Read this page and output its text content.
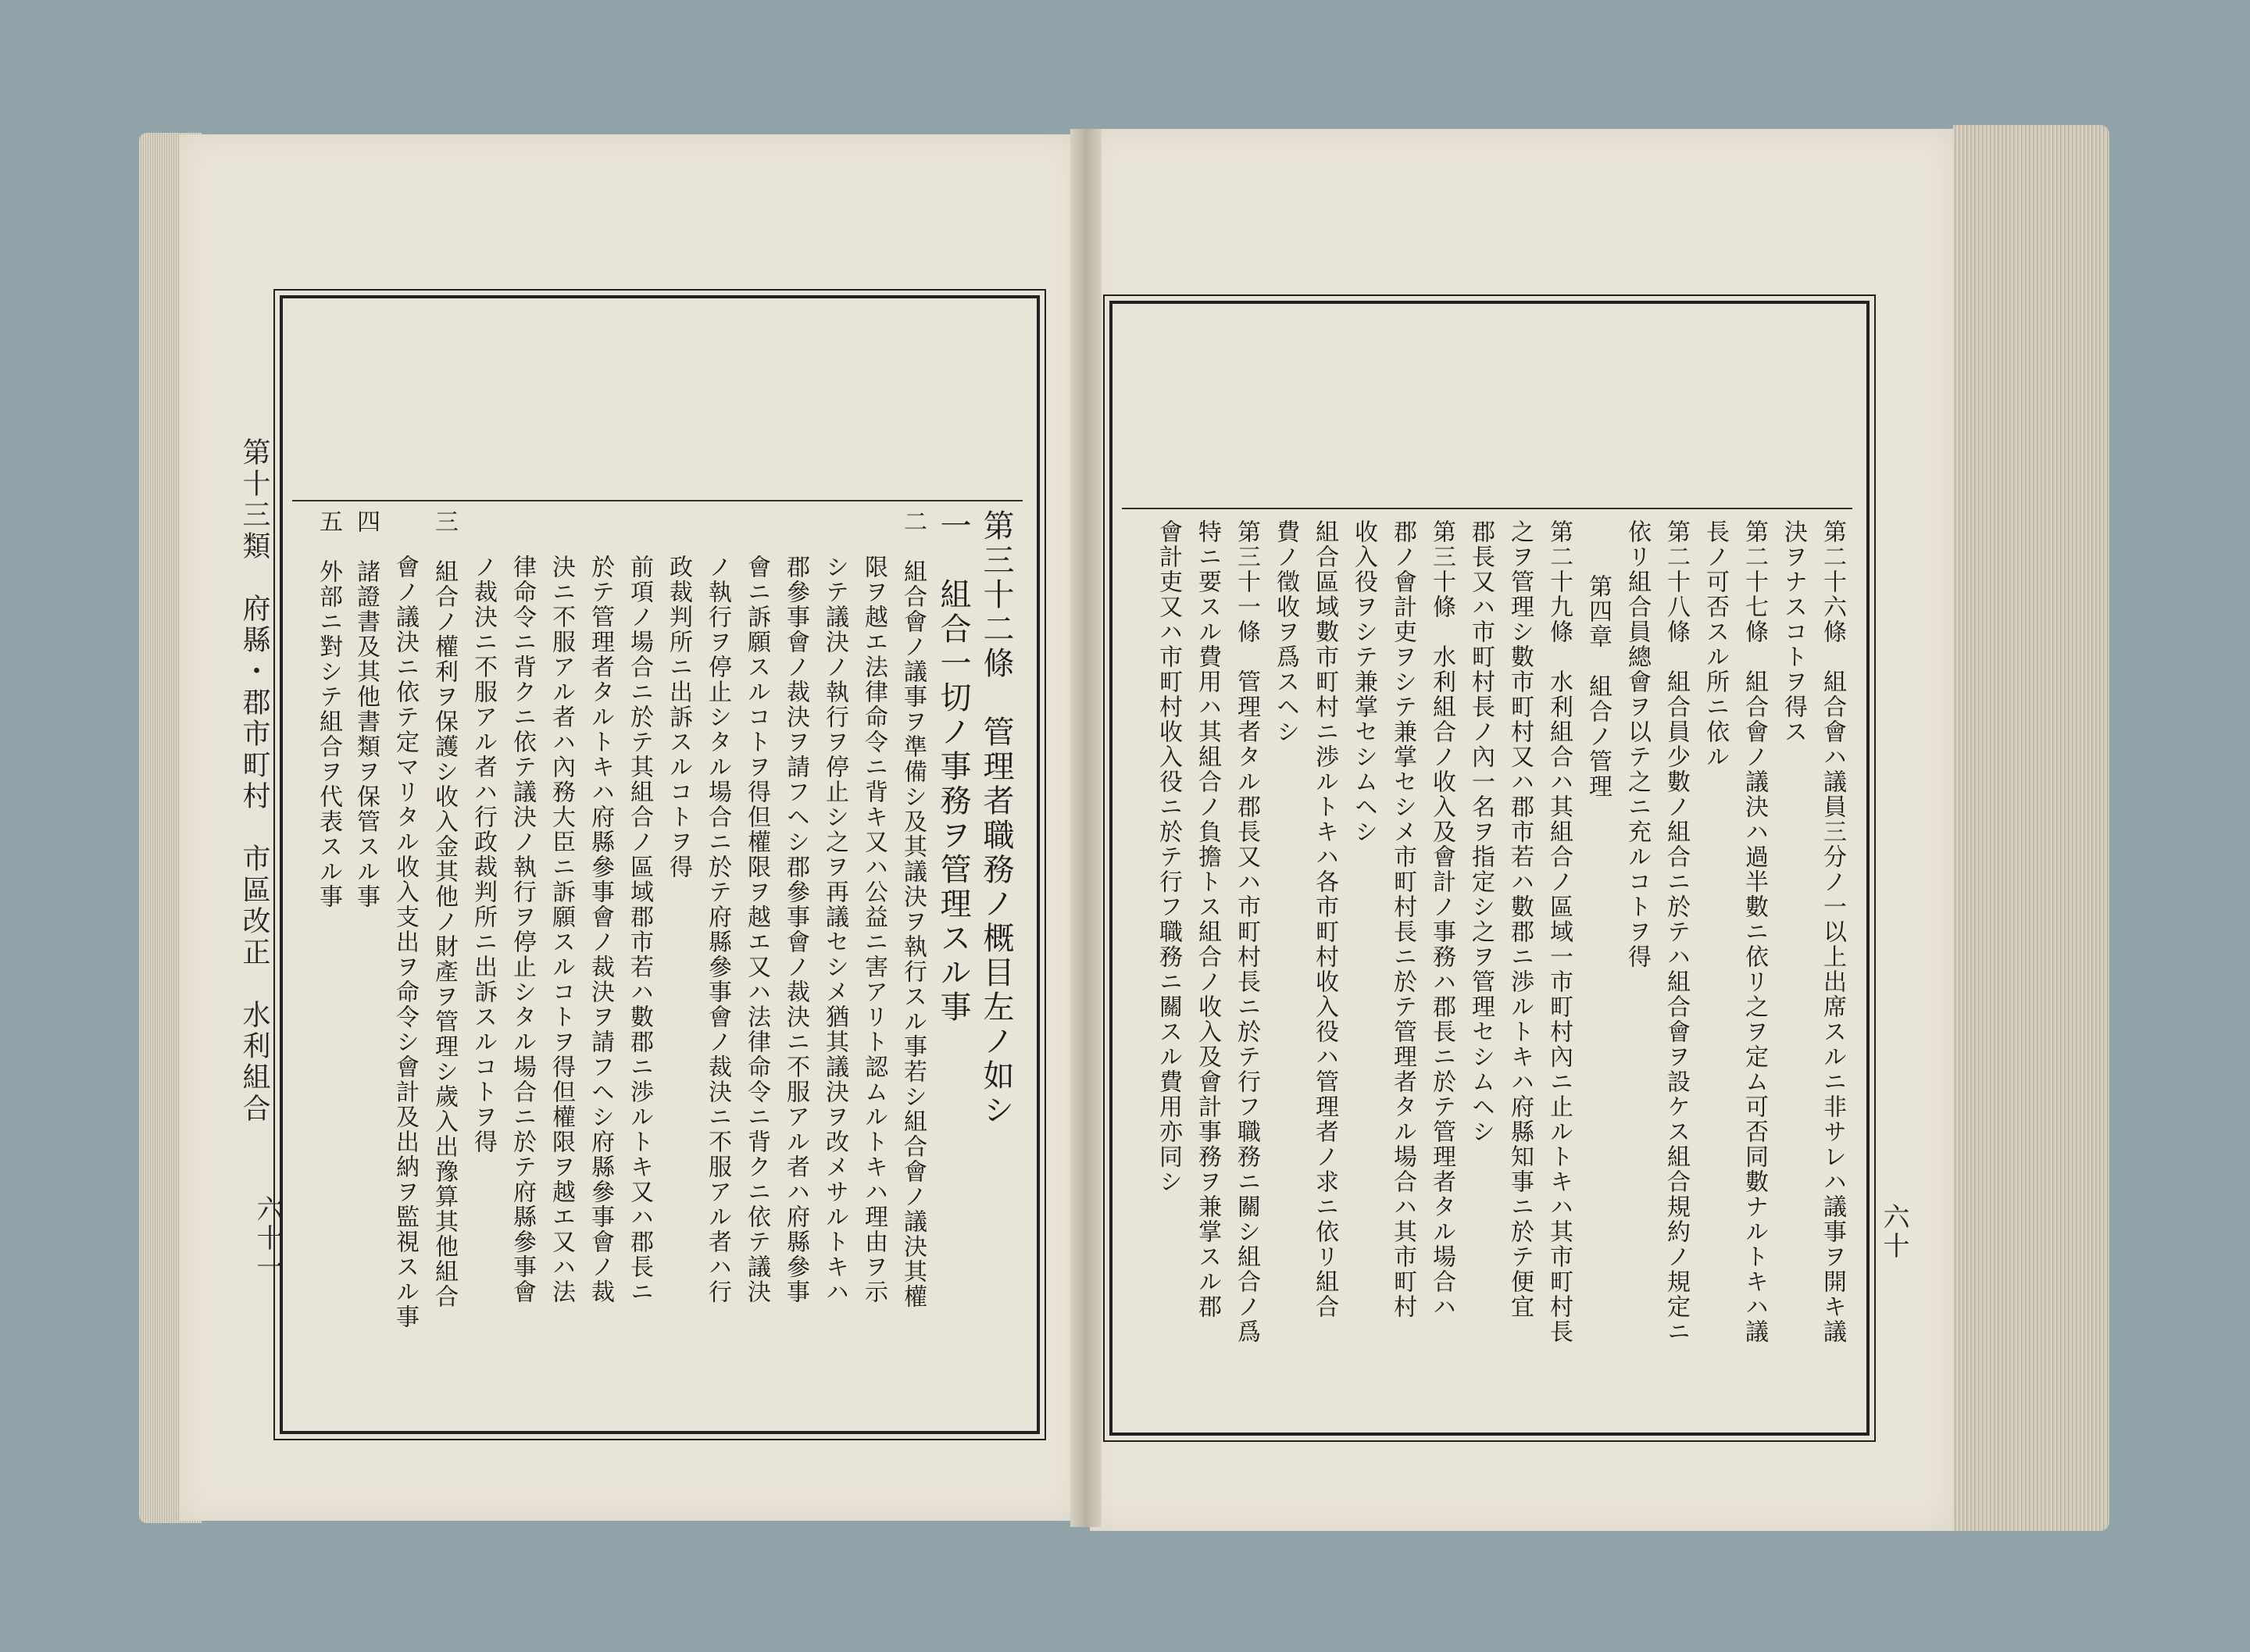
第十三類　府縣・郡市町村　市區改正　水利組合
六十一
第三十二條　管理者職務ノ概目左ノ如シ
一　組合一切ノ事務ヲ管理スル事
二　組合會ノ議事ヲ準備シ及其議決ヲ執行スル事若シ組合會ノ議決其權
限ヲ越エ法律命令ニ背キ又ハ公益ニ害アリト認ムルトキハ理由ヲ示
シテ議決ノ執行ヲ停止シ之ヲ再議セシメ猶其議決ヲ改メサルトキハ
郡參事會ノ裁決ヲ請フヘシ郡參事會ノ裁決ニ不服アル者ハ府縣參事
會ニ訴願スルコトヲ得但權限ヲ越エ又ハ法律命令ニ背クニ依テ議決
ノ執行ヲ停止シタル場合ニ於テ府縣參事會ノ裁決ニ不服アル者ハ行
政裁判所ニ出訴スルコトヲ得
前項ノ場合ニ於テ其組合ノ區域郡市若ハ數郡ニ渉ルトキ又ハ郡長ニ
於テ管理者タルトキハ府縣參事會ノ裁決ヲ請フヘシ府縣參事會ノ裁
決ニ不服アル者ハ內務大臣ニ訴願スルコトヲ得但權限ヲ越エ又ハ法
律命令ニ背クニ依テ議決ノ執行ヲ停止シタル場合ニ於テ府縣參事會
ノ裁決ニ不服アル者ハ行政裁判所ニ出訴スルコトヲ得
三　組合ノ權利ヲ保護シ收入金其他ノ財產ヲ管理シ歲入出豫算其他組合
會ノ議決ニ依テ定マリタル收入支出ヲ命令シ會計及出納ヲ監視スル事
四　諸證書及其他書類ヲ保管スル事
五　外部ニ對シテ組合ヲ代表スル事
六十
第二十六條　組合會ハ議員三分ノ一以上出席スルニ非サレハ議事ヲ開キ議
決ヲナスコトヲ得ス
第二十七條　組合會ノ議決ハ過半數ニ依リ之ヲ定ム可否同數ナルトキハ議
長ノ可否スル所ニ依ル
第二十八條　組合員少數ノ組合ニ於テハ組合會ヲ設ケス組合規約ノ規定ニ
依リ組合員總會ヲ以テ之ニ充ルコトヲ得
第四章　組合ノ管理
第二十九條　水利組合ハ其組合ノ區域一市町村內ニ止ルトキハ其市町村長
之ヲ管理シ數市町村又ハ郡市若ハ數郡ニ渉ルトキハ府縣知事ニ於テ便宜
郡長又ハ市町村長ノ內一名ヲ指定シ之ヲ管理セシムヘシ
第三十條　水利組合ノ收入及會計ノ事務ハ郡長ニ於テ管理者タル場合ハ
郡ノ會計吏ヲシテ兼掌セシメ市町村長ニ於テ管理者タル場合ハ其市町村
收入役ヲシテ兼掌セシムヘシ
組合區域數市町村ニ渉ルトキハ各市町村收入役ハ管理者ノ求ニ依リ組合
費ノ徵收ヲ爲スヘシ
第三十一條　管理者タル郡長又ハ市町村長ニ於テ行フ職務ニ關シ組合ノ爲
特ニ要スル費用ハ其組合ノ負擔トス組合ノ收入及會計事務ヲ兼掌スル郡
會計吏又ハ市町村收入役ニ於テ行フ職務ニ關スル費用亦同シ
